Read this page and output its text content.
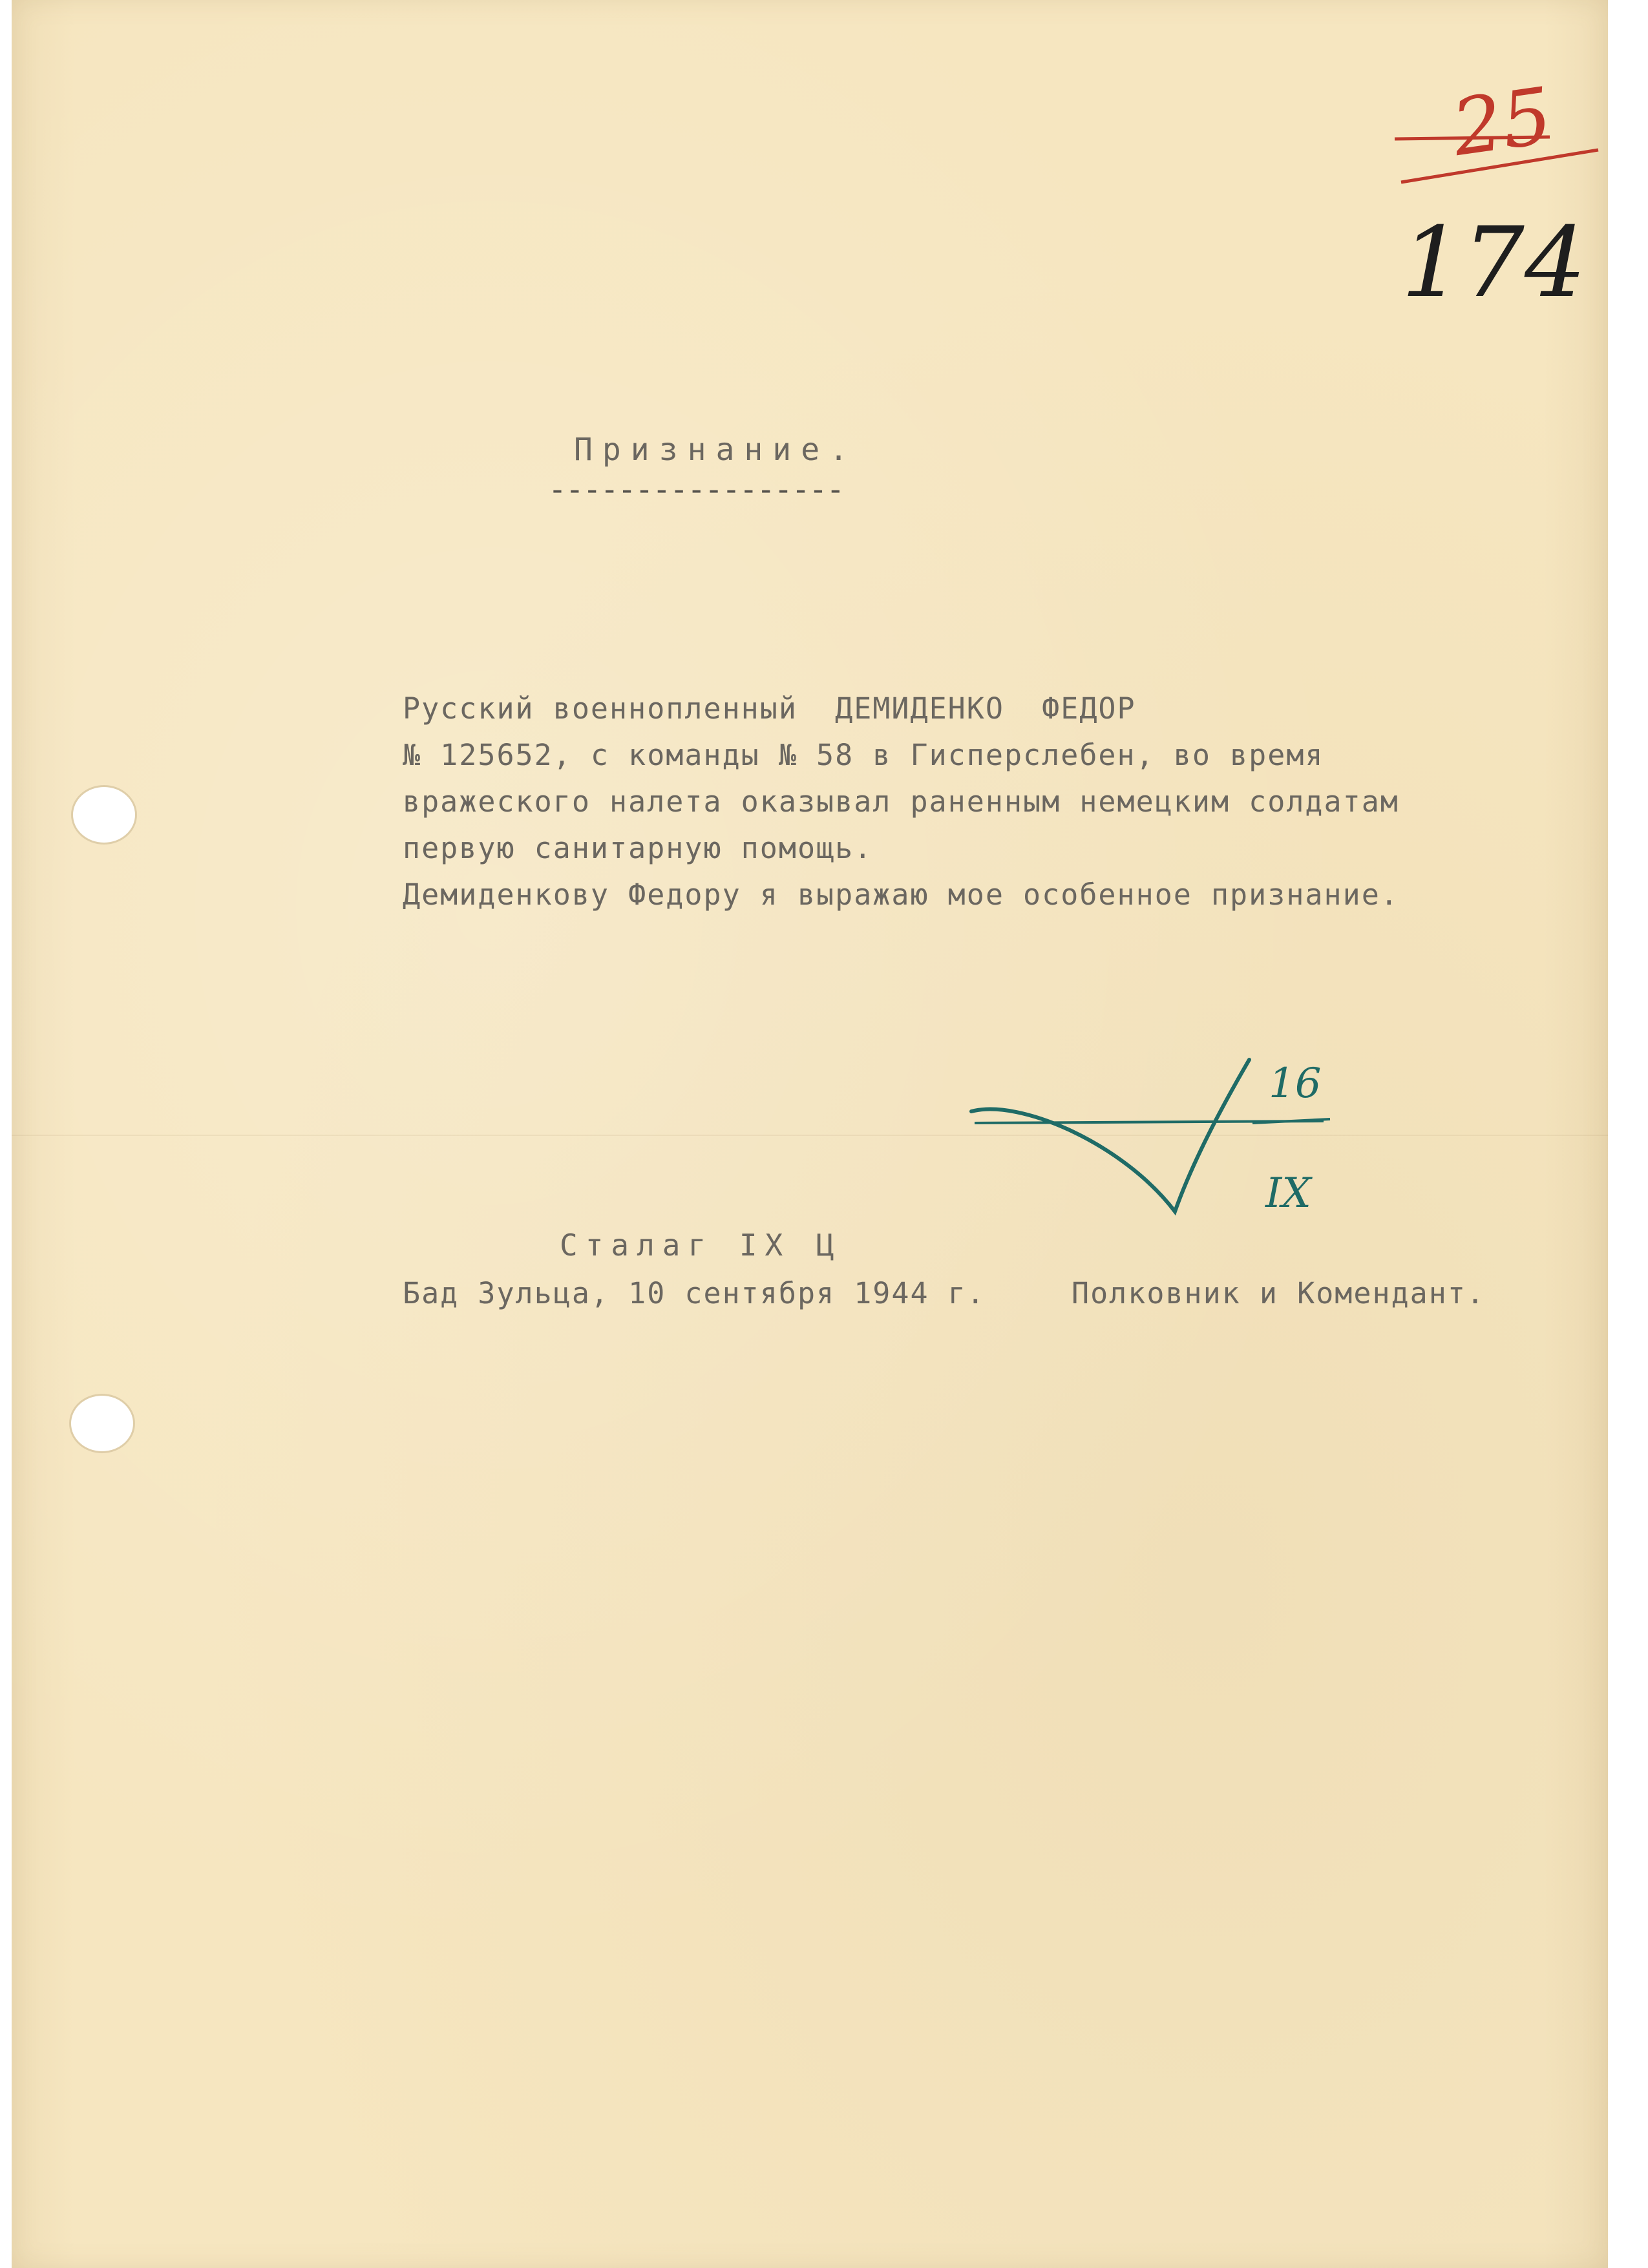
25

174

Признание.

-----------------

Русский военнопленный  ДЕМИДЕНКО  ФЕДОР

№ 125652, с команды № 58 в Гисперслебен, во время

вражеского налета оказывал раненным немецким солдатам

первую санитарную помощь.

Демиденкову Федору я выражаю мое особенное признание.

16

IX

Сталаг IX Ц

Бад Зульца, 10 сентября 1944 г.	Полковник и Комендант.
